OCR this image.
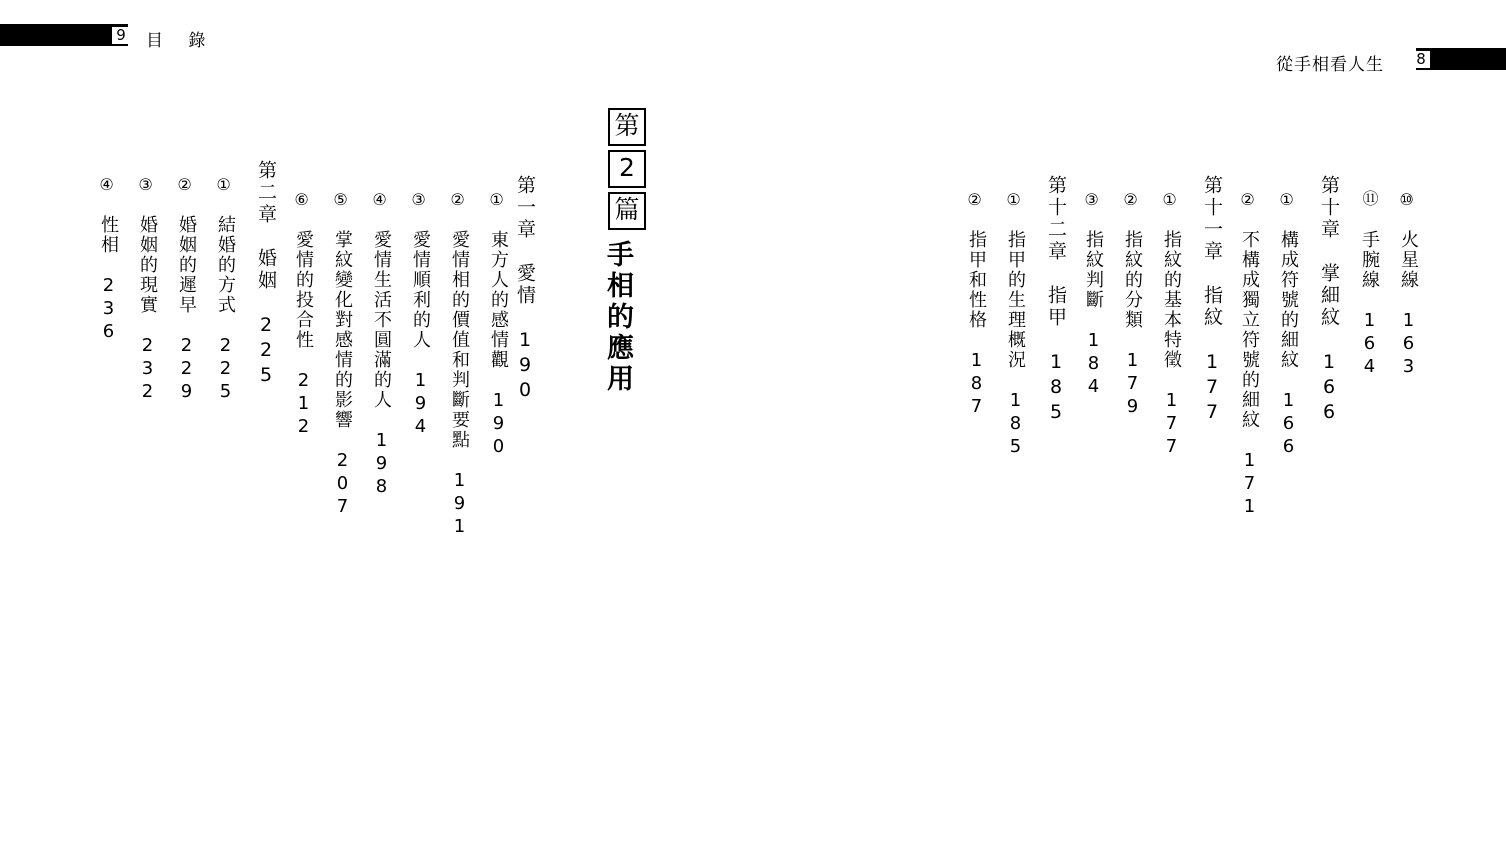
9 目 錄
8
從手相看人生
第
2
篇
手相的應用
第一章　愛情　190
①
東方人的感情觀　190
②
愛情相的價值和判斷要點　191
③
愛情順利的人　194
④
愛情生活不圓滿的人　198
⑤
掌紋變化對感情的影響　207
⑥
愛情的投合性　212
第二章　婚姻　225
①
結婚的方式　225
②
婚姻的遲早　229
③
婚姻的現實　232
④
性相　236
⑩
火星線　163
⑪
手腕線　164
第十章　掌細紋　166
①
構成符號的細紋　166
②
不構成獨立符號的細紋　171
第十一章　指紋　177
①
指紋的基本特徵　177
②
指紋的分類　179
③
指紋判斷　184
第十二章　指甲　185
①
指甲的生理概況　185
②
指甲和性格　187
